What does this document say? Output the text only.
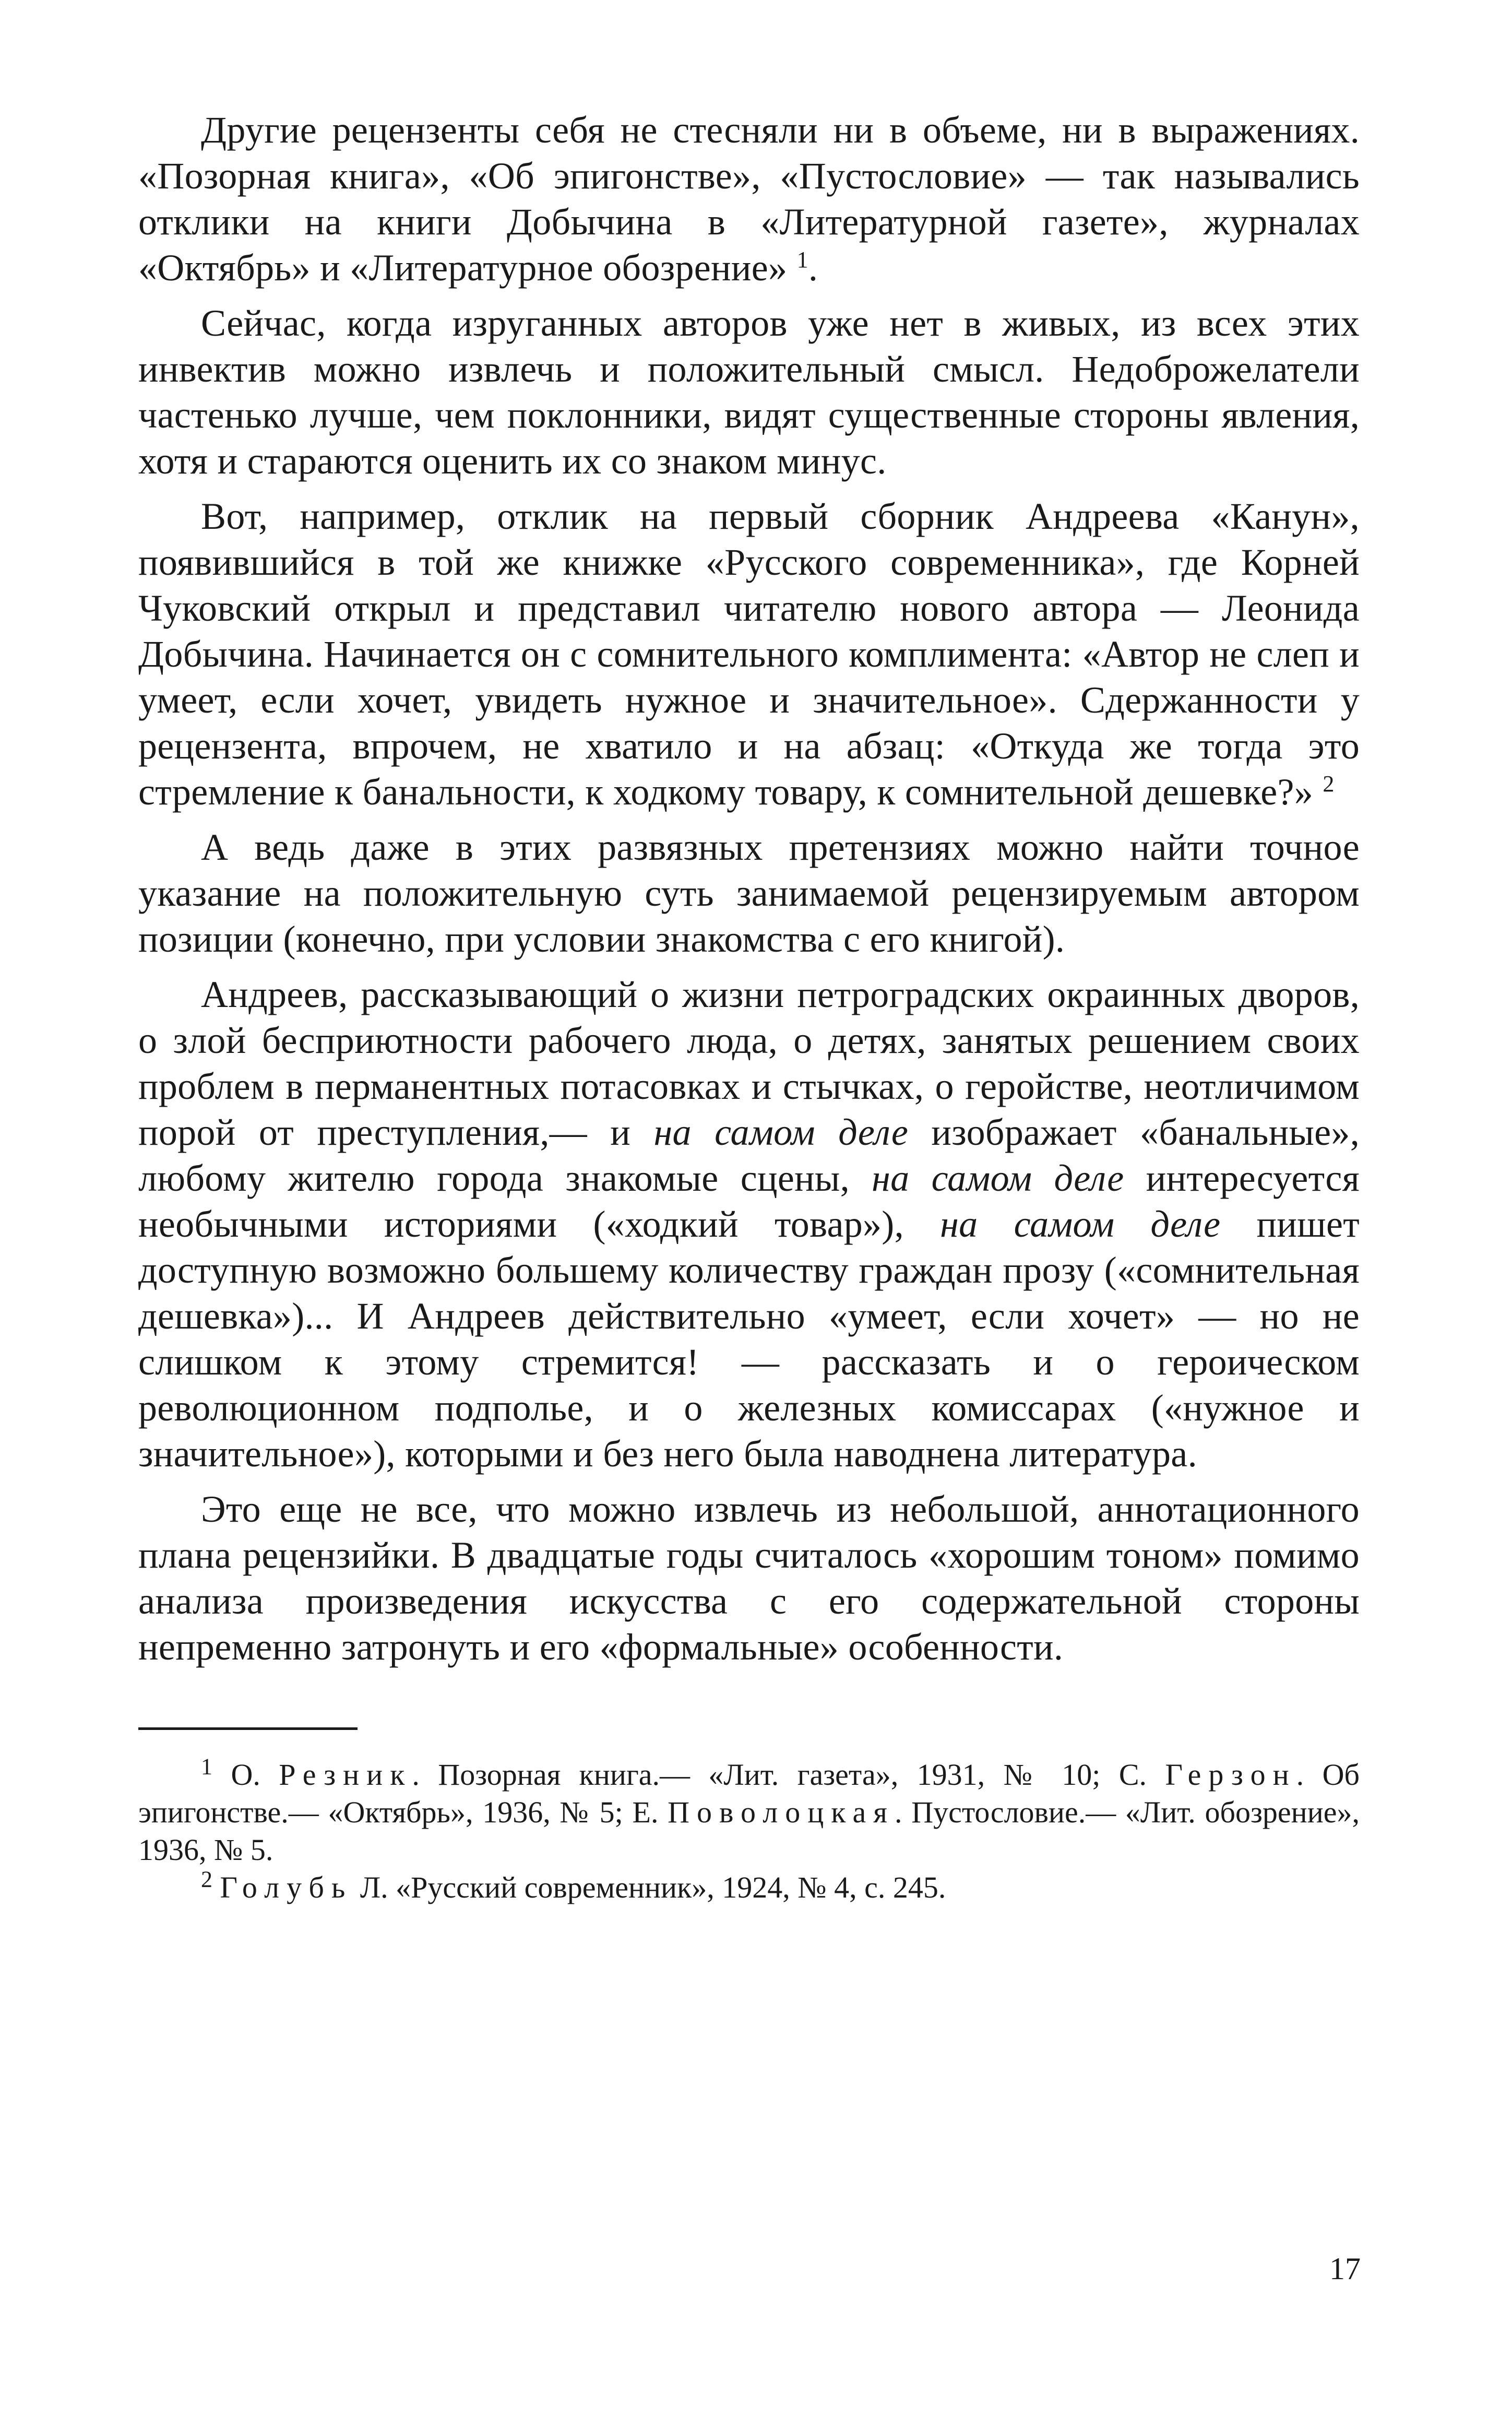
Другие рецензенты себя не стесняли ни в объеме, ни в выражениях. «Позорная книга», «Об эпигонстве», «Пустословие» — так назывались отклики на книги Добычина в «Литературной газете», журналах «Октябрь» и «Литературное обозрение» $^1$.

Сейчас, когда изруганных авторов уже нет в живых, из всех этих инвектив можно извлечь и положительный смысл. Недоброжелатели частенько лучше, чем поклонники, видят существенные стороны явления, хотя и стараются оценить их со знаком минус.

Вот, например, отклик на первый сборник Андреева «Канун», появившийся в той же книжке «Русского современника», где Корней Чуковский открыл и представил читателю нового автора — Леонида Добычина. Начинается он с сомнительного комплимента: «Автор не слеп и умеет, если хочет, увидеть нужное и значительное». Сдержанности у рецензента, впрочем, не хватило и на абзац: «Откуда же тогда это стремление к банальности, к ходкому товару, к сомнительной дешевке?» $^2$

А ведь даже в этих развязных претензиях можно найти точное указание на положительную суть занимаемой рецензируемым автором позиции (конечно, при условии знакомства с его книгой).

Андреев, рассказывающий о жизни петроградских окраинных дворов, о злой бесприютности рабочего люда, о детях, занятых решением своих проблем в перманентных потасовках и стычках, о геройстве, неотличимом порой от преступления,— и на самом деле изображает «банальные», любому жителю города знакомые сцены, на самом деле интересуется необычными историями («ходкий товар»), на самом деле пишет доступную возможно большему количеству граждан прозу («сомнительная дешевка»)... И Андреев действительно «умеет, если хочет» — но не слишком к этому стремится! — рассказать и о героическом революционном подполье, и о железных комиссарах («нужное и значительное»), которыми и без него была наводнена литература.

Это еще не все, что можно извлечь из небольшой, аннотационного плана рецензийки. В двадцатые годы считалось «хорошим тоном» помимо анализа произведения искусства с его содержательной стороны непременно затронуть и его «формальные» особенности.

$^1$ О. Резник. Позорная книга.— «Лит. газета», 1931, № 10; С. Герзон. Об эпигонстве.— «Октябрь», 1936, № 5; Е. Поволоцкая. Пустословие.— «Лит. обозрение», 1936, № 5.

$^2$ Голубь Л. «Русский современник», 1924, № 4, с. 245.

17
